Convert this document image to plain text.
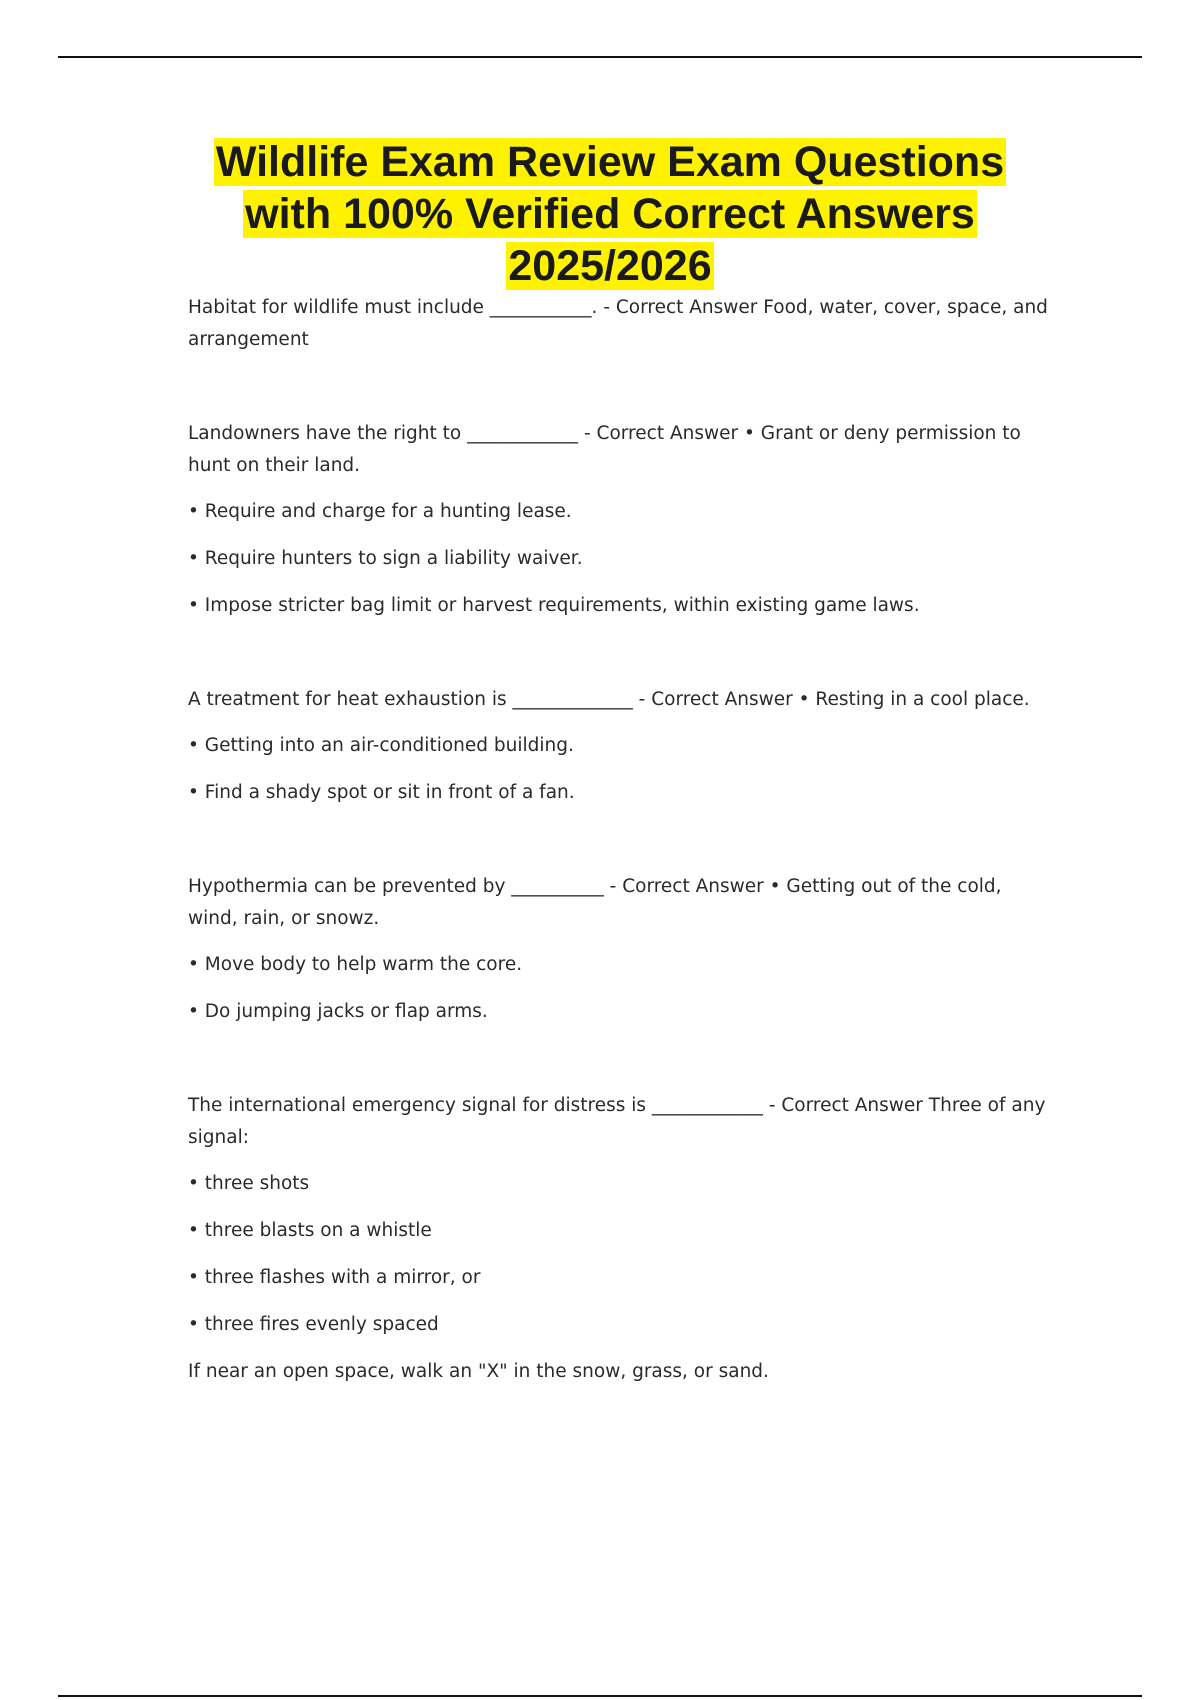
Wildlife Exam Review Exam Questions with 100% Verified Correct Answers 2025/2026

Habitat for wildlife must include ___________. - Correct Answer Food, water, cover, space, and arrangement

Landowners have the right to ____________ - Correct Answer • Grant or deny permission to hunt on their land.

• Require and charge for a hunting lease.

• Require hunters to sign a liability waiver.

• Impose stricter bag limit or harvest requirements, within existing game laws.

A treatment for heat exhaustion is _____________ - Correct Answer • Resting in a cool place.

• Getting into an air-conditioned building.

• Find a shady spot or sit in front of a fan.

Hypothermia can be prevented by __________ - Correct Answer • Getting out of the cold, wind, rain, or snowz.

• Move body to help warm the core.

• Do jumping jacks or flap arms.

The international emergency signal for distress is ____________ - Correct Answer Three of any signal:

• three shots

• three blasts on a whistle

• three flashes with a mirror, or

• three fires evenly spaced

If near an open space, walk an "X" in the snow, grass, or sand.
